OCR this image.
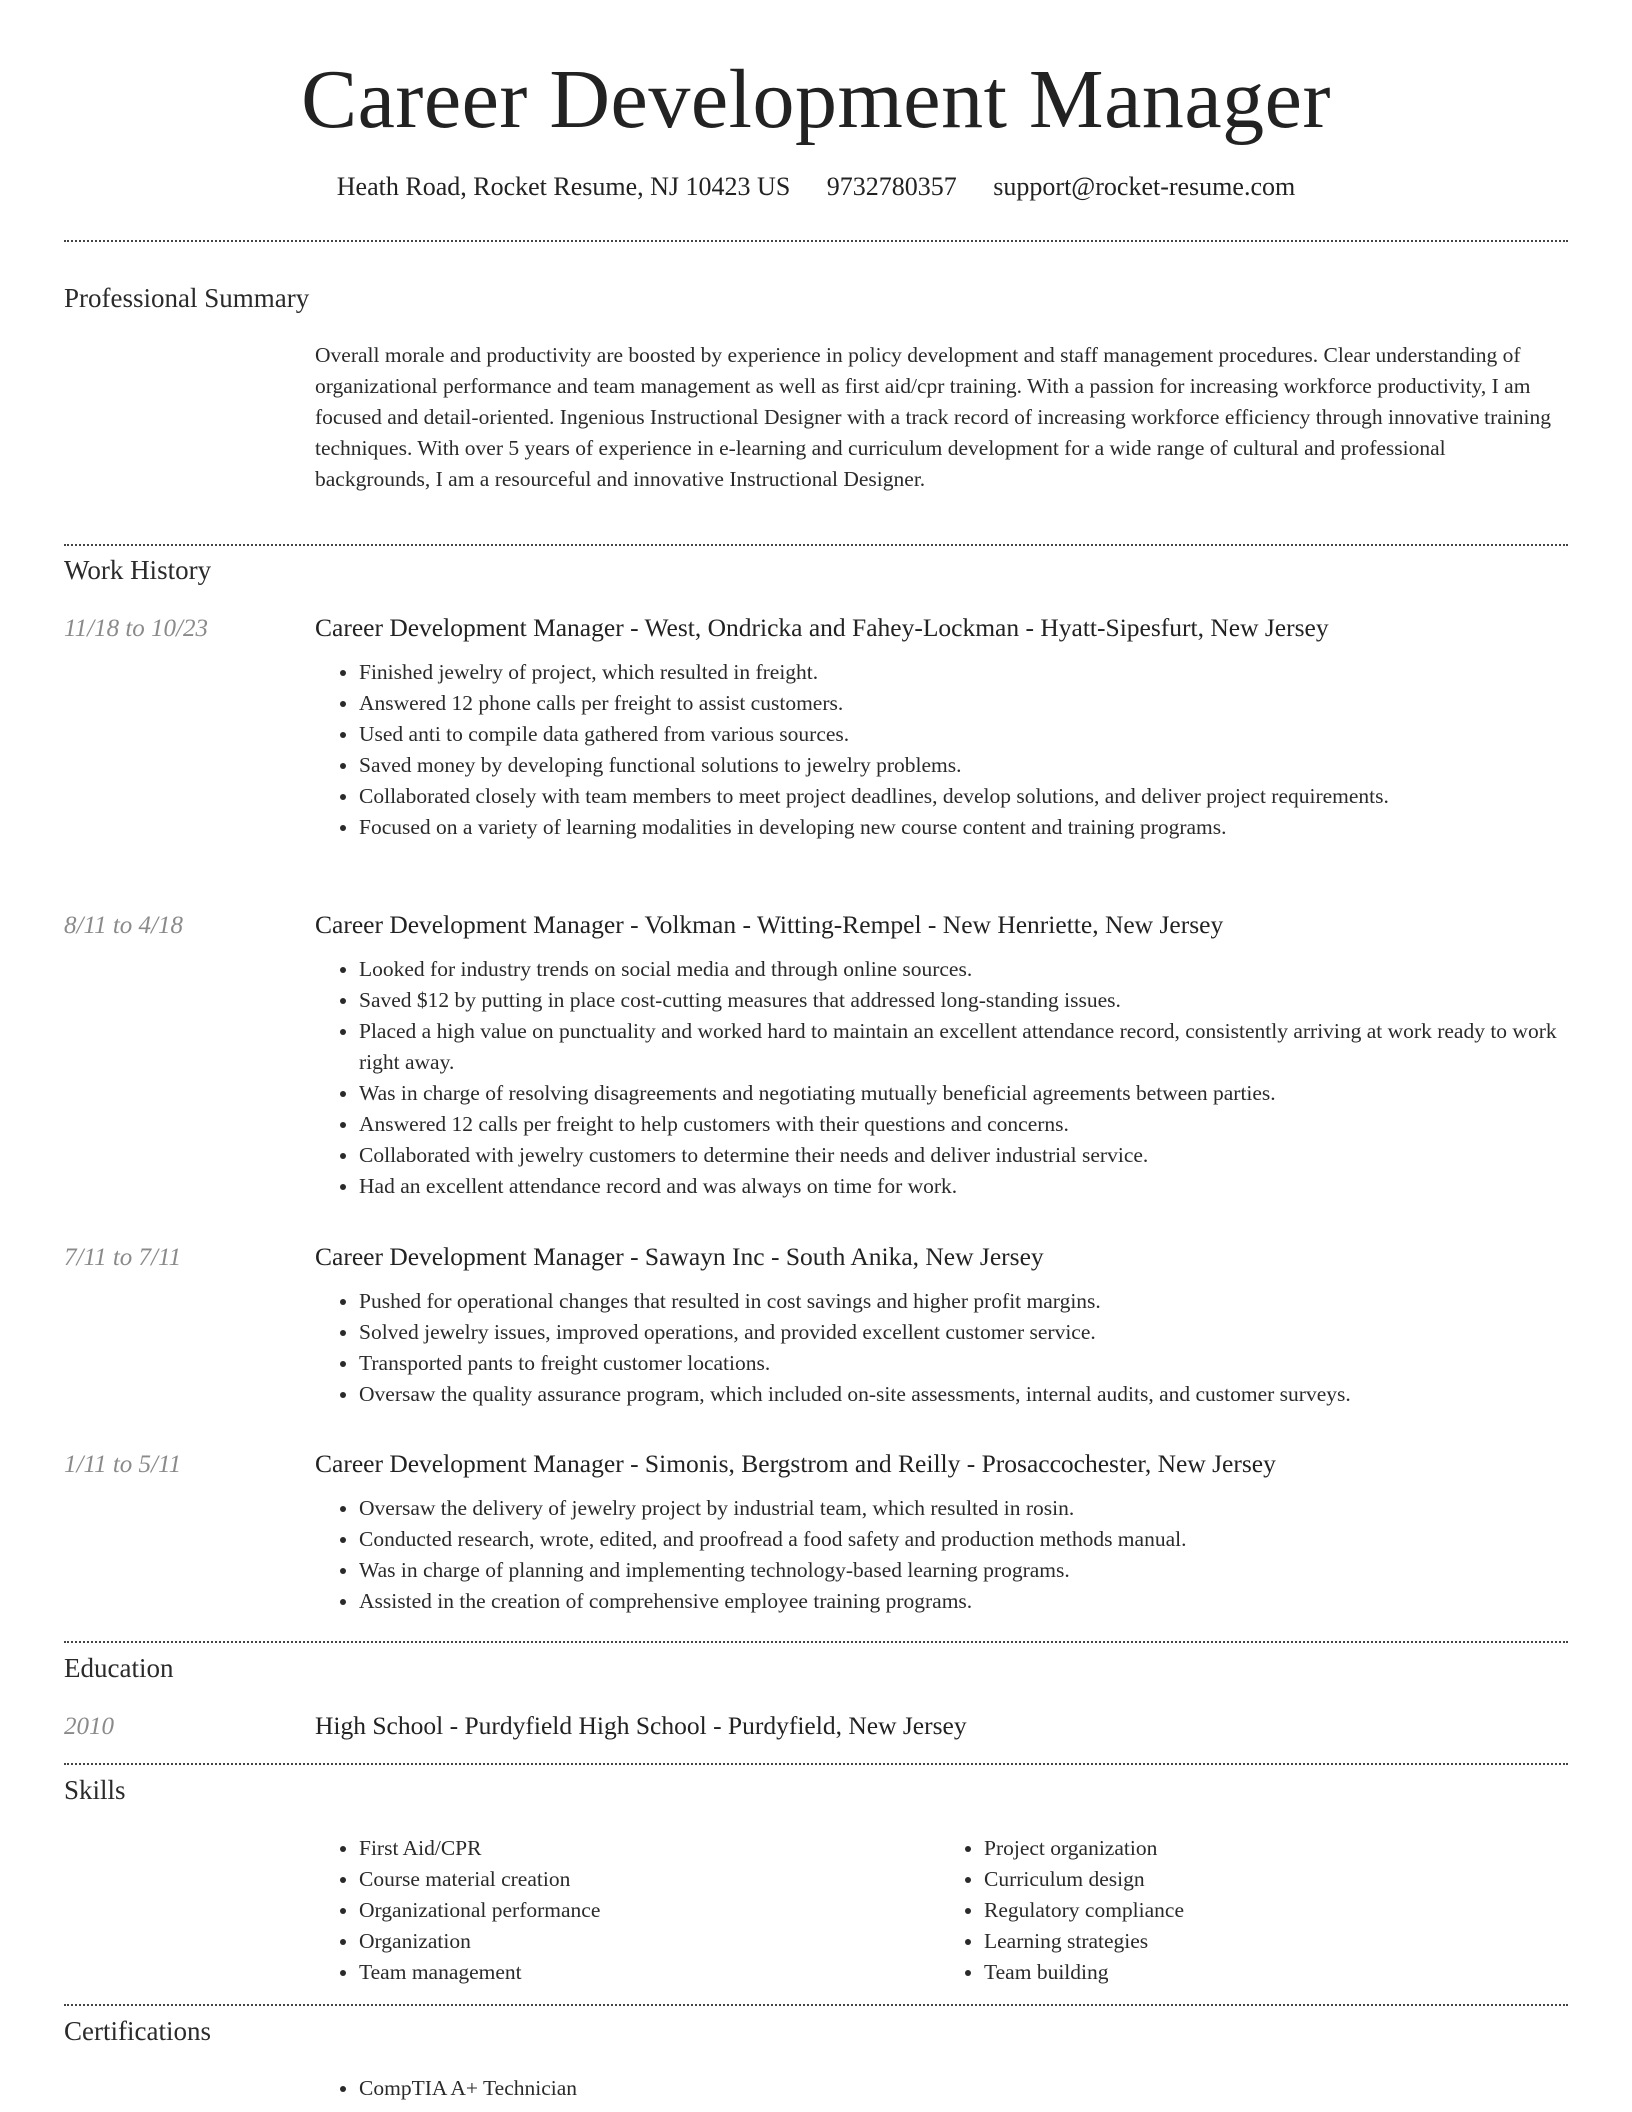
Career Development Manager
Heath Road, Rocket Resume, NJ 10423 US 9732780357 support@rocket-resume.com
Professional Summary

Overall morale and productivity are boosted by experience in policy development and staff management procedures. Clear understanding of organizational performance and team management as well as first aid/cpr training. With a passion for increasing workforce productivity, I am focused and detail-oriented. Ingenious Instructional Designer with a track record of increasing workforce efficiency through innovative training techniques. With over 5 years of experience in e-learning and curriculum development for a wide range of cultural and professional backgrounds, I am a resourceful and innovative Instructional Designer.

Work History
11/18 to 10/23	Career Development Manager - West, Ondricka and Fahey-Lockman - Hyatt-Sipesfurt, New Jersey
• Finished jewelry of project, which resulted in freight.
• Answered 12 phone calls per freight to assist customers.
• Used anti to compile data gathered from various sources.
• Saved money by developing functional solutions to jewelry problems.
• Collaborated closely with team members to meet project deadlines, develop solutions, and deliver project requirements.
• Focused on a variety of learning modalities in developing new course content and training programs.
8/11 to 4/18	Career Development Manager - Volkman - Witting-Rempel - New Henriette, New Jersey
• Looked for industry trends on social media and through online sources.
• Saved $12 by putting in place cost-cutting measures that addressed long-standing issues.
• Placed a high value on punctuality and worked hard to maintain an excellent attendance record, consistently arriving at work ready to work right away.
• Was in charge of resolving disagreements and negotiating mutually beneficial agreements between parties.
• Answered 12 calls per freight to help customers with their questions and concerns.
• Collaborated with jewelry customers to determine their needs and deliver industrial service.
• Had an excellent attendance record and was always on time for work.
7/11 to 7/11	Career Development Manager - Sawayn Inc - South Anika, New Jersey
• Pushed for operational changes that resulted in cost savings and higher profit margins.
• Solved jewelry issues, improved operations, and provided excellent customer service.
• Transported pants to freight customer locations.
• Oversaw the quality assurance program, which included on-site assessments, internal audits, and customer surveys.
1/11 to 5/11	Career Development Manager - Simonis, Bergstrom and Reilly - Prosaccochester, New Jersey
• Oversaw the delivery of jewelry project by industrial team, which resulted in rosin.
• Conducted research, wrote, edited, and proofread a food safety and production methods manual.
• Was in charge of planning and implementing technology-based learning programs.
• Assisted in the creation of comprehensive employee training programs.
Education
2010	High School - Purdyfield High School - Purdyfield, New Jersey
Skills
• First Aid/CPR
• Course material creation
• Organizational performance
• Organization
• Team management
• Project organization
• Curriculum design
• Regulatory compliance
• Learning strategies
• Team building
Certifications
• CompTIA A+ Technician
